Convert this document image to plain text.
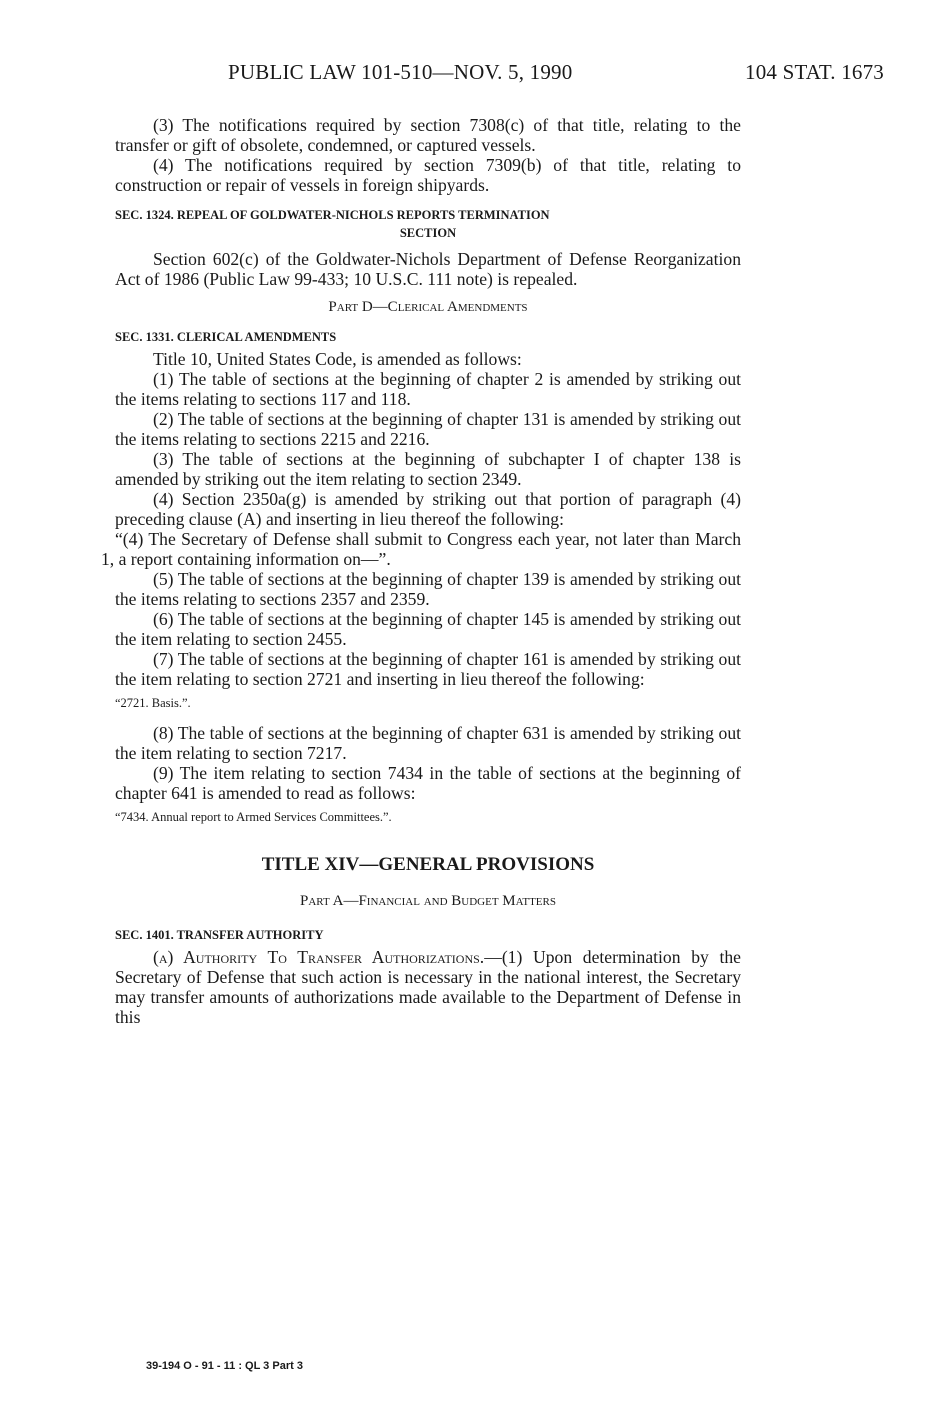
PUBLIC LAW 101-510—NOV. 5, 1990	104 STAT. 1673

(3) The notifications required by section 7308(c) of that title, relating to the transfer or gift of obsolete, condemned, or captured vessels.

(4) The notifications required by section 7309(b) of that title, relating to construction or repair of vessels in foreign shipyards.

SEC. 1324. REPEAL OF GOLDWATER-NICHOLS REPORTS TERMINATION
SECTION

Section 602(c) of the Goldwater-Nichols Department of Defense Reorganization Act of 1986 (Public Law 99-433; 10 U.S.C. 111 note) is repealed.

Part D—Clerical Amendments
SEC. 1331. CLERICAL AMENDMENTS

Title 10, United States Code, is amended as follows:

(1) The table of sections at the beginning of chapter 2 is amended by striking out the items relating to sections 117 and 118.

(2) The table of sections at the beginning of chapter 131 is amended by striking out the items relating to sections 2215 and 2216.

(3) The table of sections at the beginning of subchapter I of chapter 138 is amended by striking out the item relating to section 2349.

(4) Section 2350a(g) is amended by striking out that portion of paragraph (4) preceding clause (A) and inserting in lieu thereof the following:

“(4) The Secretary of Defense shall submit to Congress each year, not later than March 1, a report containing information on—”.

(5) The table of sections at the beginning of chapter 139 is amended by striking out the items relating to sections 2357 and 2359.

(6) The table of sections at the beginning of chapter 145 is amended by striking out the item relating to section 2455.

(7) The table of sections at the beginning of chapter 161 is amended by striking out the item relating to section 2721 and inserting in lieu thereof the following:

“2721. Basis.”.

(8) The table of sections at the beginning of chapter 631 is amended by striking out the item relating to section 7217.

(9) The item relating to section 7434 in the table of sections at the beginning of chapter 641 is amended to read as follows:

“7434. Annual report to Armed Services Committees.”.
TITLE XIV—GENERAL PROVISIONS
Part A—Financial and Budget Matters
SEC. 1401. TRANSFER AUTHORITY

(a) Authority To Transfer Authorizations.—(1) Upon determination by the Secretary of Defense that such action is necessary in the national interest, the Secretary may transfer amounts of authorizations made available to the Department of Defense in this

39-194 O - 91 - 11 : QL 3 Part 3
